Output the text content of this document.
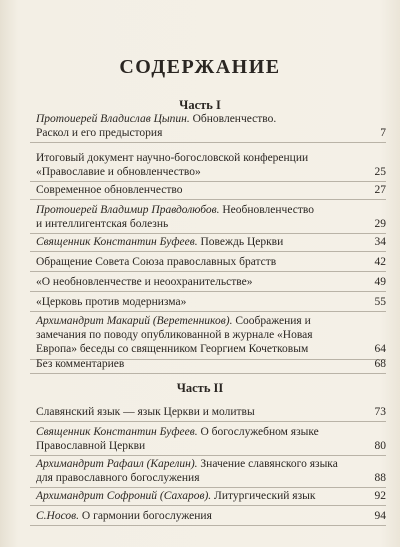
СОДЕРЖАНИЕ
Часть I
Протоиерей Владислав Цыпин. Обновленчество.
Раскол и его предыстория	7
Итоговый документ научно-богословской конференции
«Православие и обновленчество»	25
Современное обновленчество	27
Протоиерей Владимир Правдолюбов. Необновленчество
и интеллигентская болезнь	29
Священник Константин Буфеев. Повеждь Церкви	34
Обращение Совета Союза православных братств	42
«О необновленчестве и неоохранительстве»	49
«Церковь против модернизма»	55
Архимандрит Макарий (Веретенников). Соображения и
замечания по поводу опубликованной в журнале «Новая
Европа» беседы со священником Георгием Кочетковым	64
Без комментариев	68
Часть II
Славянский язык — язык Церкви и молитвы	73
Священник Константин Буфеев. О богослужебном языке
Православной Церкви	80
Архимандрит Рафаил (Карелин). Значение славянского языка
для православного богослужения	88
Архимандрит Софроний (Сахаров). Литургический язык	92
С.Носов. О гармонии богослужения	94
